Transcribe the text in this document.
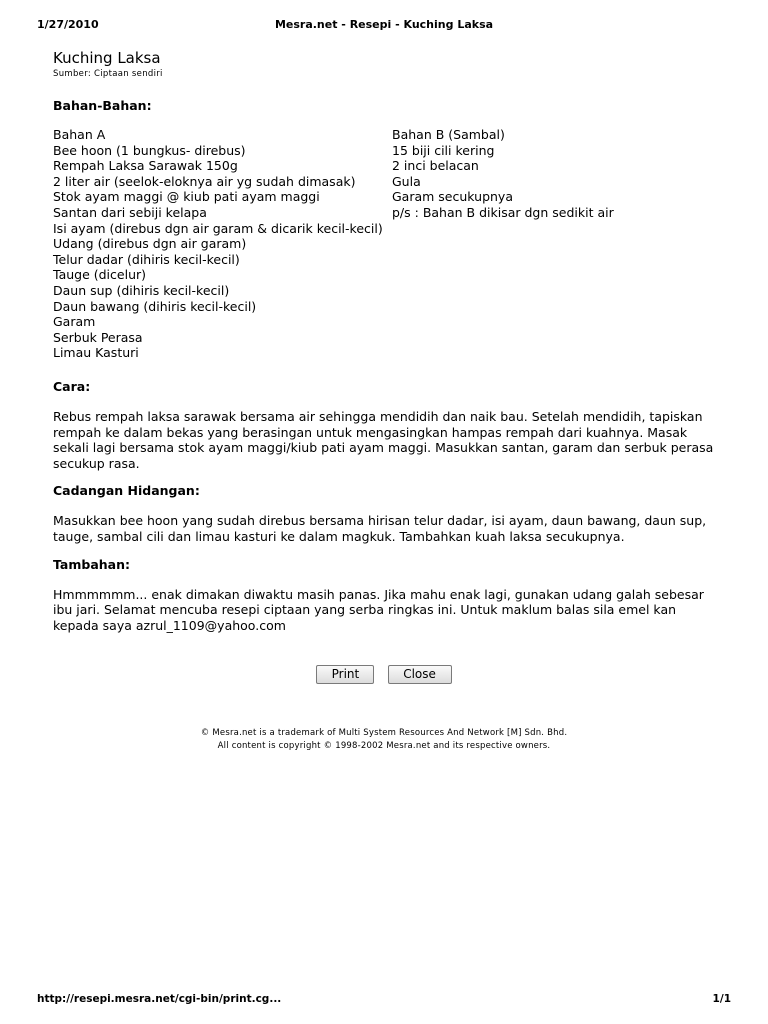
1/27/2010	Mesra.net - Resepi - Kuching Laksa
Kuching Laksa
Sumber: Ciptaan sendiri
Bahan-Bahan:
Bahan A
Bee hoon (1 bungkus- direbus)
Rempah Laksa Sarawak 150g
2 liter air (seelok-eloknya air yg sudah dimasak)
Stok ayam maggi @ kiub pati ayam maggi
Santan dari sebiji kelapa
Isi ayam (direbus dgn air garam & dicarik kecil-kecil)
Udang (direbus dgn air garam)
Telur dadar (dihiris kecil-kecil)
Tauge (dicelur)
Daun sup (dihiris kecil-kecil)
Daun bawang (dihiris kecil-kecil)
Garam
Serbuk Perasa
Limau Kasturi
Bahan B (Sambal)
15 biji cili kering
2 inci belacan
Gula
Garam secukupnya
p/s : Bahan B dikisar dgn sedikit air
Cara:

Rebus rempah laksa sarawak bersama air sehingga mendidih dan naik bau. Setelah mendidih, tapiskan rempah ke dalam bekas yang berasingan untuk mengasingkan hampas rempah dari kuahnya. Masak sekali lagi bersama stok ayam maggi/kiub pati ayam maggi. Masukkan santan, garam dan serbuk perasa secukup rasa.

Cadangan Hidangan:

Masukkan bee hoon yang sudah direbus bersama hirisan telur dadar, isi ayam, daun bawang, daun sup, tauge, sambal cili dan limau kasturi ke dalam magkuk. Tambahkan kuah laksa secukupnya.

Tambahan:

Hmmmmmm... enak dimakan diwaktu masih panas. Jika mahu enak lagi, gunakan udang galah sebesar ibu jari. Selamat mencuba resepi ciptaan yang serba ringkas ini. Untuk maklum balas sila emel kan kepada saya azrul_1109@yahoo.com

Print	Close
© Mesra.net is a trademark of Multi System Resources And Network [M] Sdn. Bhd.
All content is copyright © 1998-2002 Mesra.net and its respective owners.
http://resepi.mesra.net/cgi-bin/print.cg...	1/1
